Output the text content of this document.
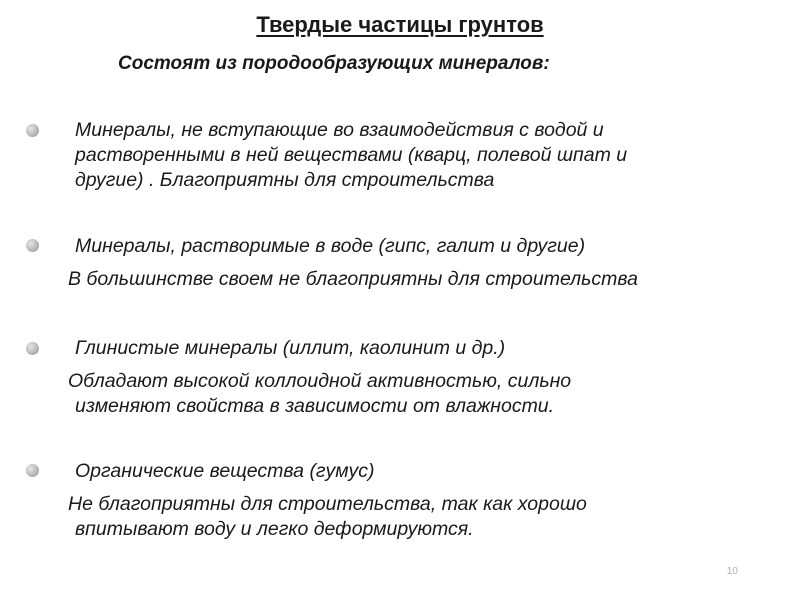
Твердые частицы грунтов
Состоят из породообразующих минералов:
Минералы, не вступающие во взаимодействия с водой и
растворенными в ней веществами (кварц, полевой шпат и
другие) . Благоприятны для строительства
Минералы, растворимые в воде (гипс, галит и другие)
В большинстве своем не благоприятны для строительства
Глинистые минералы (иллит, каолинит и др.)
Обладают высокой коллоидной активностью, сильно
изменяют свойства в зависимости от влажности.
Органические вещества (гумус)
Не благоприятны для строительства, так как хорошо
впитывают воду и легко деформируются.
10
